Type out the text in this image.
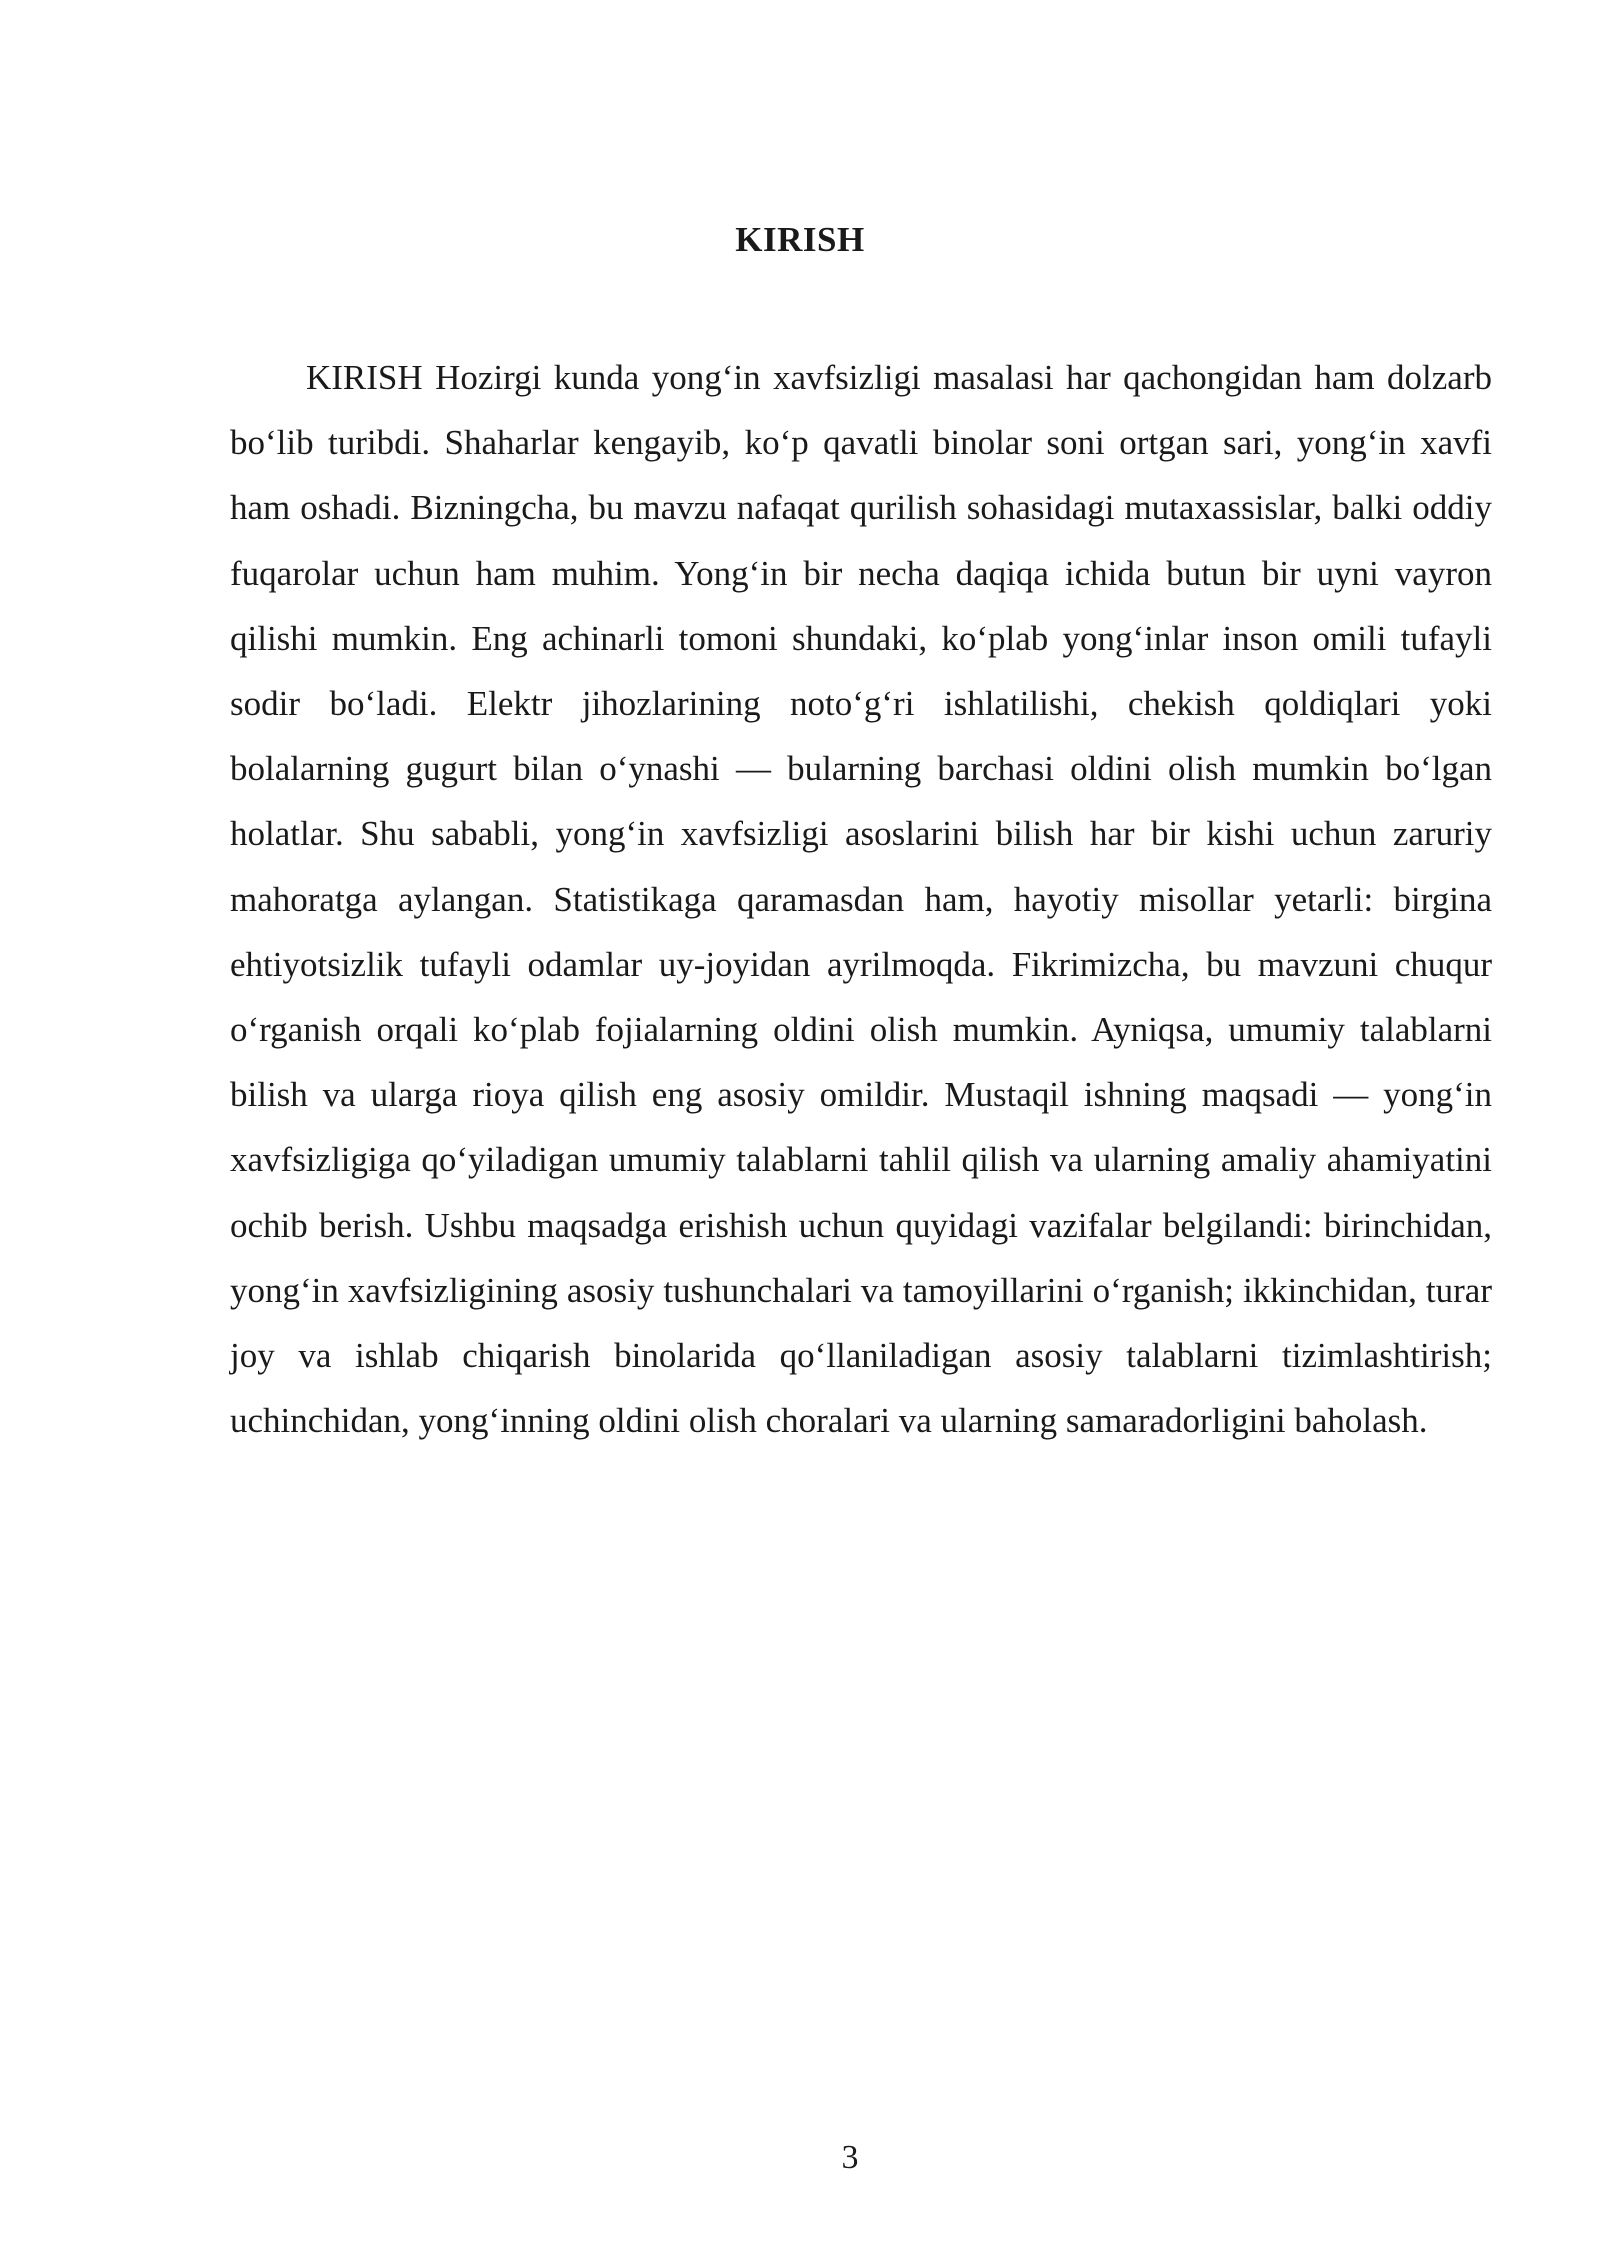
KIRISH

KIRISH Hozirgi kunda yong‘in xavfsizligi masalasi har qachongidan ham dolzarb bo‘lib turibdi. Shaharlar kengayib, ko‘p qavatli binolar soni ortgan sari, yong‘in xavfi ham oshadi. Bizningcha, bu mavzu nafaqat qurilish sohasidagi mutaxassislar, balki oddiy fuqarolar uchun ham muhim. Yong‘in bir necha daqiqa ichida butun bir uyni vayron qilishi mumkin. Eng achinarli tomoni shundaki, ko‘plab yong‘inlar inson omili tufayli sodir bo‘ladi. Elektr jihozlarining noto‘g‘ri ishlatilishi, chekish qoldiqlari yoki bolalarning gugurt bilan o‘ynashi — bularning barchasi oldini olish mumkin bo‘lgan holatlar. Shu sababli, yong‘in xavfsizligi asoslarini bilish har bir kishi uchun zaruriy mahoratga aylangan. Statistikaga qaramasdan ham, hayotiy misollar yetarli: birgina ehtiyotsizlik tufayli odamlar uy-joyidan ayrilmoqda. Fikrimizcha, bu mavzuni chuqur o‘rganish orqali ko‘plab fojialarning oldini olish mumkin. Ayniqsa, umumiy talablarni bilish va ularga rioya qilish eng asosiy omildir. Mustaqil ishning maqsadi — yong‘in xavfsizligiga qo‘yiladigan umumiy talablarni tahlil qilish va ularning amaliy ahamiyatini ochib berish. Ushbu maqsadga erishish uchun quyidagi vazifalar belgilandi: birinchidan, yong‘in xavfsizligining asosiy tushunchalari va tamoyillarini o‘rganish; ikkinchidan, turar joy va ishlab chiqarish binolarida qo‘llaniladigan asosiy talablarni tizimlashtirish; uchinchidan, yong‘inning oldini olish choralari va ularning samaradorligini baholash.

3
